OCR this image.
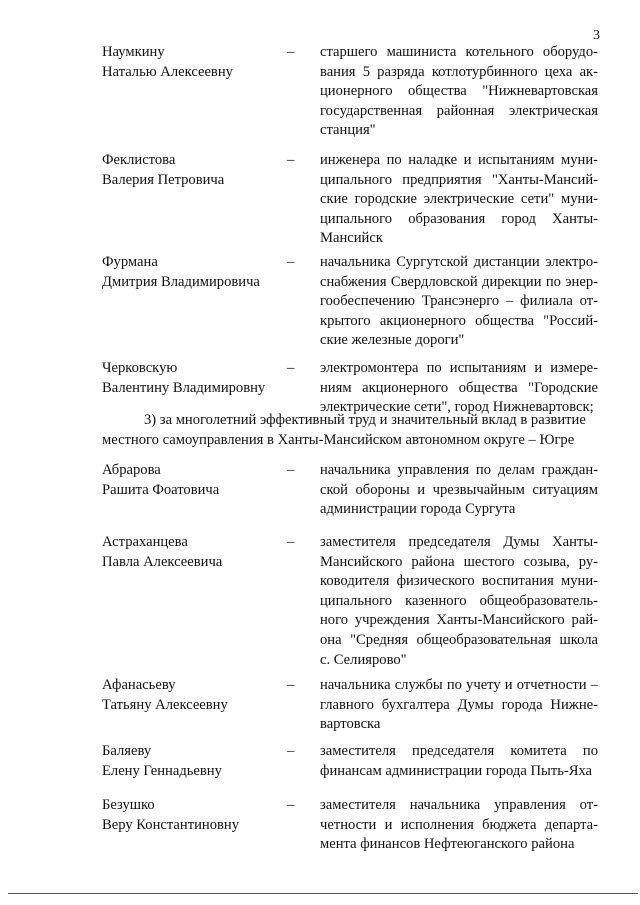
3
Наумкину
Наталью Алексеевну
– старшего машиниста котельного оборудо-
вания 5 разряда котлотурбинного цеха ак-
ционерного общества "Нижневартовская
государственная районная электрическая
станция"
Феклистова
Валерия Петровича
– инженера по наладке и испытаниям муни-
ципального предприятия "Ханты-Мансий-
ские городские электрические сети" муни-
ципального образования город Ханты-
Мансийск
Фурмана
Дмитрия Владимировича
– начальника Сургутской дистанции электро-
снабжения Свердловской дирекции по энер-
гообеспечению Трансэнерго – филиала от-
крытого акционерного общества "Россий-
ские железные дороги"
Черковскую
Валентину Владимировну
– электромонтера по испытаниям и измере-
ниям акционерного общества "Городские
электрические сети", город Нижневартовск;
Абрарова
Рашита Фоатовича
– начальника управления по делам граждан-
ской обороны и чрезвычайным ситуациям
администрации города Сургута
Астраханцева
Павла Алексеевича
– заместителя председателя Думы Ханты-
Мансийского района шестого созыва, ру-
ководителя физического воспитания муни-
ципального казенного общеобразователь-
ного учреждения Ханты-Мансийского рай-
она "Средняя общеобразовательная школа
с. Селиярово"
Афанасьеву
Татьяну Алексеевну
– начальника службы по учету и отчетности –
главного бухгалтера Думы города Нижне-
вартовска
Баляеву
Елену Геннадьевну
– заместителя председателя комитета по
финансам администрации города Пыть-Яха
Безушко
Веру Константиновну
– заместителя начальника управления от-
четности и исполнения бюджета департа-
мента финансов Нефтеюганского района
3) за многолетний эффективный труд и значительный вклад в развитие
местного самоуправления в Ханты-Мансийском автономном округе – Югре
